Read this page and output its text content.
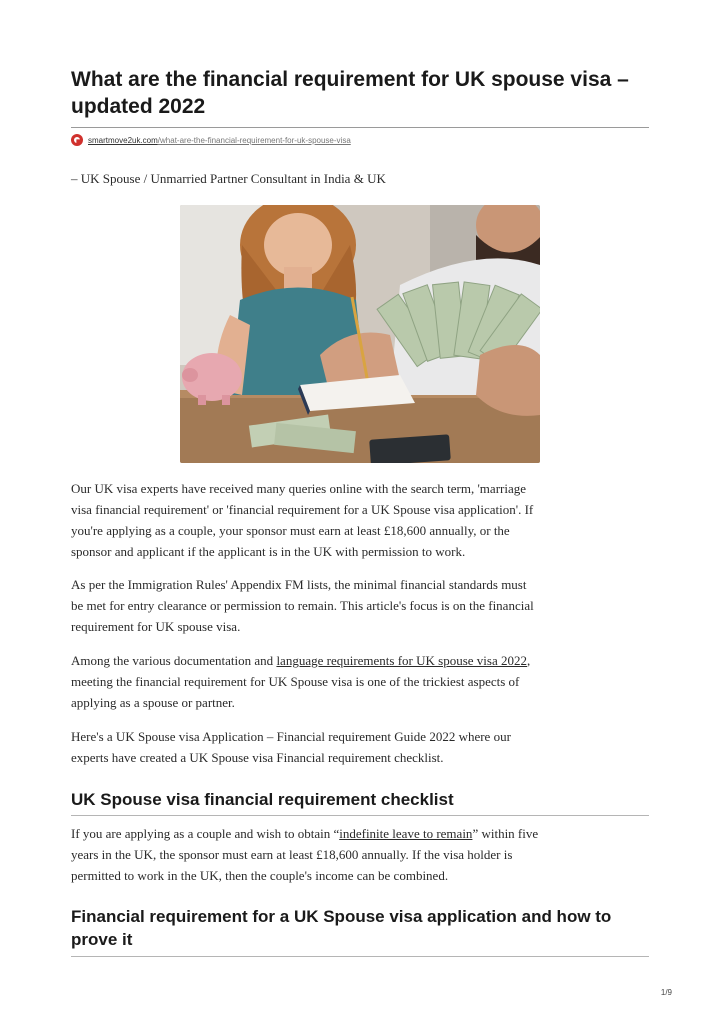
What are the financial requirement for UK spouse visa – updated 2022
smartmove2uk.com /what-are-the-financial-requirement-for-uk-spouse-visa
– UK Spouse / Unmarried Partner Consultant in India & UK

Our UK visa experts have received many queries online with the search term, 'marriage
visa financial requirement' or 'financial requirement for a UK Spouse visa application'. If
you're applying as a couple, your sponsor must earn at least £18,600 annually, or the
sponsor and applicant if the applicant is in the UK with permission to work.

As per the Immigration Rules' Appendix FM lists, the minimal financial standards must
be met for entry clearance or permission to remain. This article's focus is on the financial
requirement for UK spouse visa.

Among the various documentation and language requirements for UK spouse visa 2022,
meeting the financial requirement for UK Spouse visa is one of the trickiest aspects of
applying as a spouse or partner.

Here's a UK Spouse visa Application – Financial requirement Guide 2022 where our
experts have created a UK Spouse visa Financial requirement checklist.

UK Spouse visa financial requirement checklist

If you are applying as a couple and wish to obtain “indefinite leave to remain” within five
years in the UK, the sponsor must earn at least £18,600 annually. If the visa holder is
permitted to work in the UK, then the couple's income can be combined.

Financial requirement for a UK Spouse visa application and how to prove it
1/9
